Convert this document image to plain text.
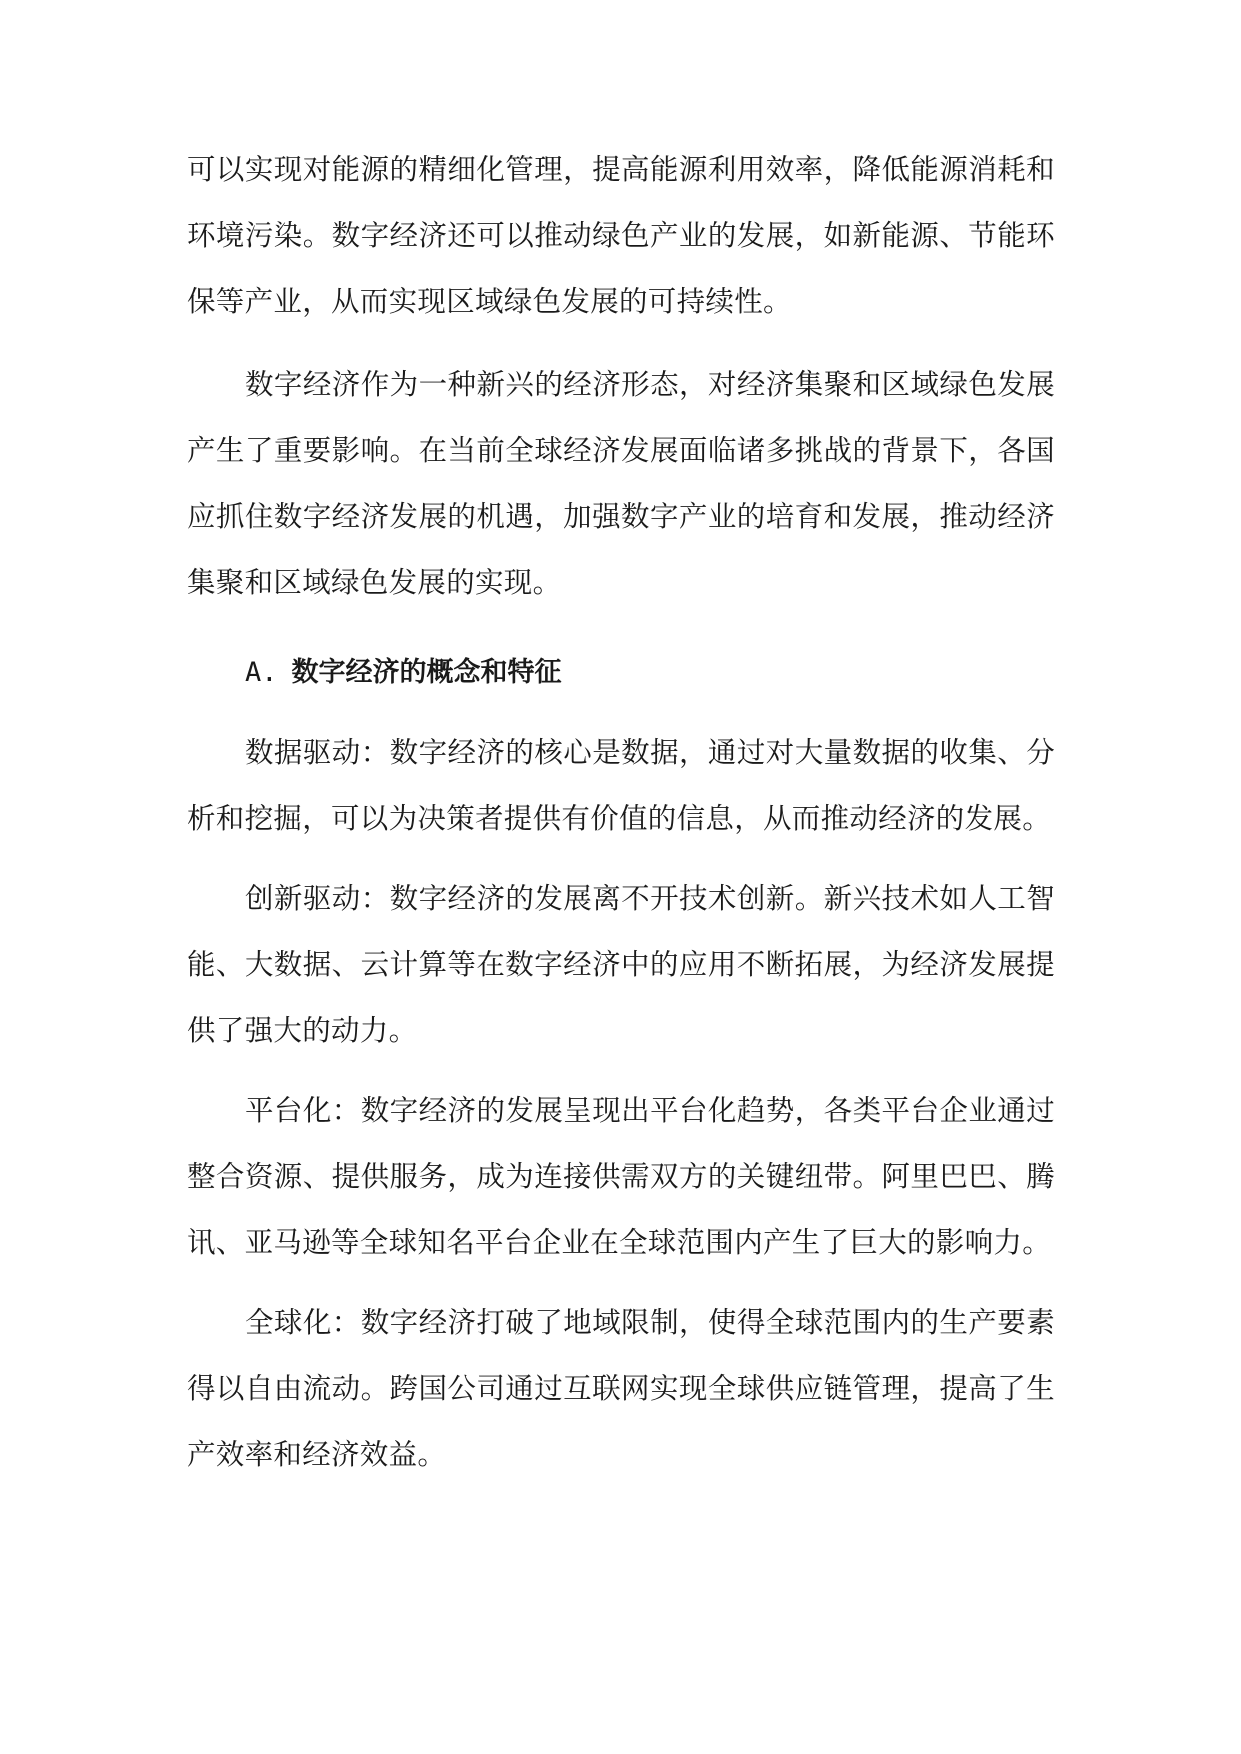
可以实现对能源的精细化管理，提高能源利用效率，降低能源消耗和环境污染。数字经济还可以推动绿色产业的发展，如新能源、节能环保等产业，从而实现区域绿色发展的可持续性。

数字经济作为一种新兴的经济形态，对经济集聚和区域绿色发展产生了重要影响。在当前全球经济发展面临诸多挑战的背景下，各国应抓住数字经济发展的机遇，加强数字产业的培育和发展，推动经济集聚和区域绿色发展的实现。

A. 数字经济的概念和特征

数据驱动：数字经济的核心是数据，通过对大量数据的收集、分析和挖掘，可以为决策者提供有价值的信息，从而推动经济的发展。

创新驱动：数字经济的发展离不开技术创新。新兴技术如人工智能、大数据、云计算等在数字经济中的应用不断拓展，为经济发展提供了强大的动力。

平台化：数字经济的发展呈现出平台化趋势，各类平台企业通过整合资源、提供服务，成为连接供需双方的关键纽带。阿里巴巴、腾讯、亚马逊等全球知名平台企业在全球范围内产生了巨大的影响力。

全球化：数字经济打破了地域限制，使得全球范围内的生产要素得以自由流动。跨国公司通过互联网实现全球供应链管理，提高了生产效率和经济效益。
